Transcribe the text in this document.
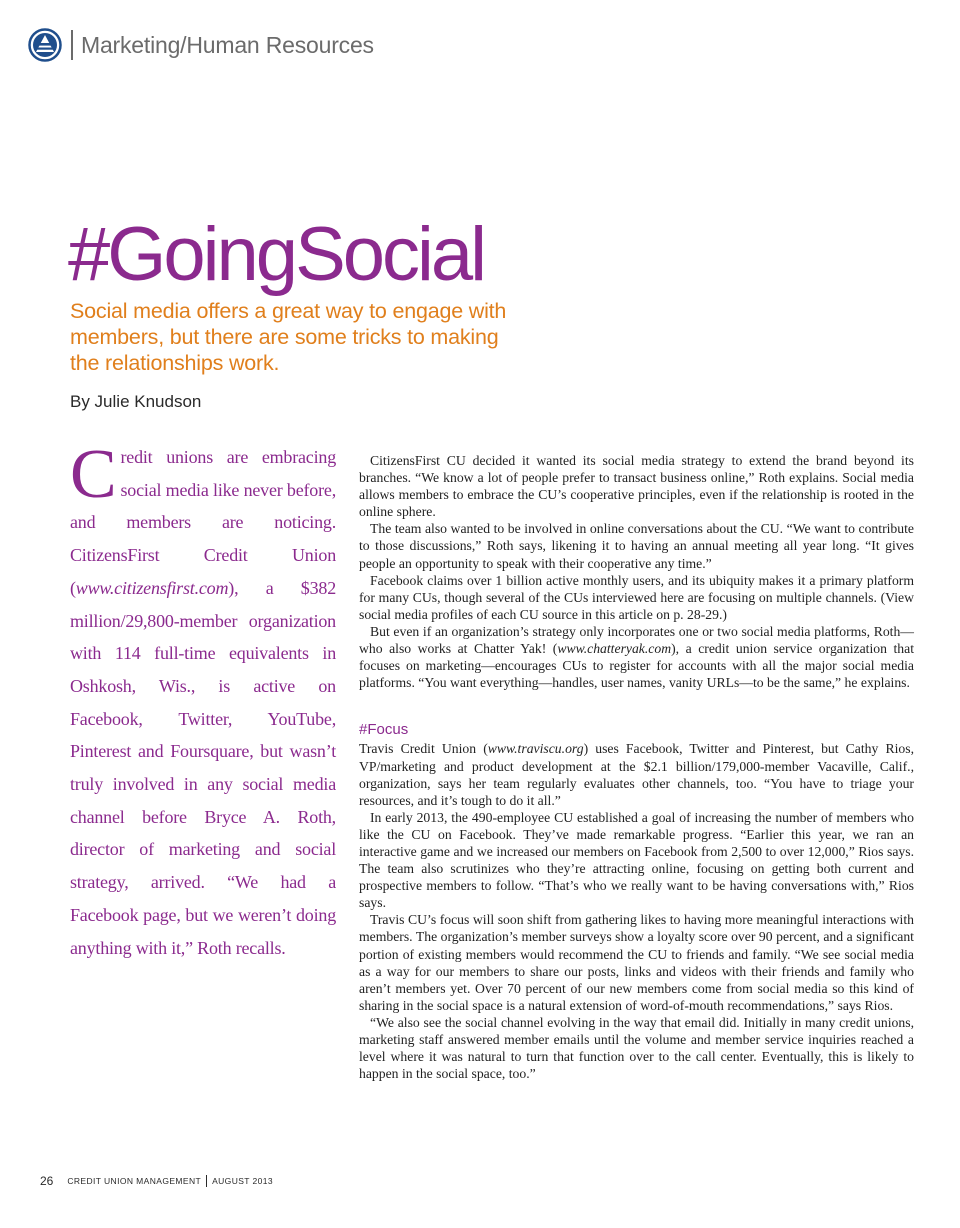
Marketing/Human Resources
#GoingSocial

Social media offers a great way to engage with members, but there are some tricks to making the relationships work.

By Julie Knudson

Credit unions are embracing social media like never before, and members are noticing. CitizensFirst Credit Union (www.citizensfirst.com), a $382 million/29,800-member organization with 114 full-time equivalents in Oshkosh, Wis., is active on Facebook, Twitter, YouTube, Pinterest and Foursquare, but wasn’t truly involved in any social media channel before Bryce A. Roth, director of marketing and social strategy, arrived. “We had a Facebook page, but we weren’t doing anything with it,” Roth recalls.

CitizensFirst CU decided it wanted its social media strategy to extend the brand beyond its branches. “We know a lot of people prefer to transact business online,” Roth explains. Social media allows members to embrace the CU’s cooperative principles, even if the relationship is rooted in the online sphere.

The team also wanted to be involved in online conversations about the CU. “We want to contribute to those discussions,” Roth says, likening it to having an annual meeting all year long. “It gives people an opportunity to speak with their cooperative any time.”

Facebook claims over 1 billion active monthly users, and its ubiquity makes it a primary platform for many CUs, though several of the CUs interviewed here are focusing on multiple channels. (View social media profiles of each CU source in this article on p. 28-29.)

But even if an organization’s strategy only incorporates one or two social media platforms, Roth—who also works at Chatter Yak! (www.chatteryak.com), a credit union service organization that focuses on marketing—encourages CUs to register for accounts with all the major social media platforms. “You want everything—handles, user names, vanity URLs—to be the same,” he explains.

#Focus

Travis Credit Union (www.traviscu.org) uses Facebook, Twitter and Pinterest, but Cathy Rios, VP/marketing and product development at the $2.1 billion/179,000-member Vacaville, Calif., organization, says her team regularly evaluates other channels, too. “You have to triage your resources, and it’s tough to do it all.”

In early 2013, the 490-employee CU established a goal of increasing the number of members who like the CU on Facebook. They’ve made remarkable progress. “Earlier this year, we ran an interactive game and we increased our members on Facebook from 2,500 to over 12,000,” Rios says. The team also scrutinizes who they’re attracting online, focusing on getting both current and prospective members to follow. “That’s who we really want to be having conversations with,” Rios says.

Travis CU’s focus will soon shift from gathering likes to having more meaningful interactions with members. The organization’s member surveys show a loyalty score over 90 percent, and a significant portion of existing members would recommend the CU to friends and family. “We see social media as a way for our members to share our posts, links and videos with their friends and family who aren’t members yet. Over 70 percent of our new members come from social media so this kind of sharing in the social space is a natural extension of word-of-mouth recommendations,” says Rios.

“We also see the social channel evolving in the way that email did. Initially in many credit unions, marketing staff answered member emails until the volume and member service inquiries reached a level where it was natural to turn that function over to the call center. Eventually, this is likely to happen in the social space, too.”

26 CREDIT UNION MANAGEMENT AUGUST 2013
